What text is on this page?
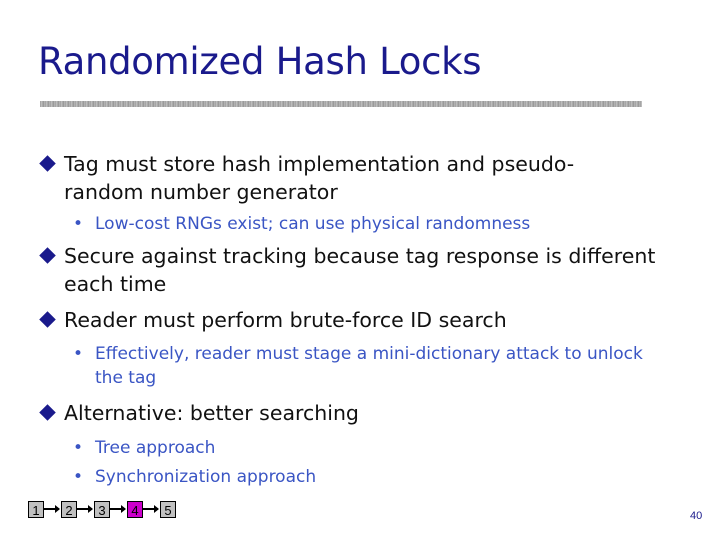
Randomized Hash Locks
Tag must store hash implementation and pseudo-
random number generator
• Low-cost RNGs exist; can use physical randomness
Secure against tracking because tag response is different
each time
Reader must perform brute-force ID search
• Effectively, reader must stage a mini-dictionary attack to unlock
the tag
Alternative: better searching
• Tree approach
• Synchronization approach
1	2	3	4	5	40
